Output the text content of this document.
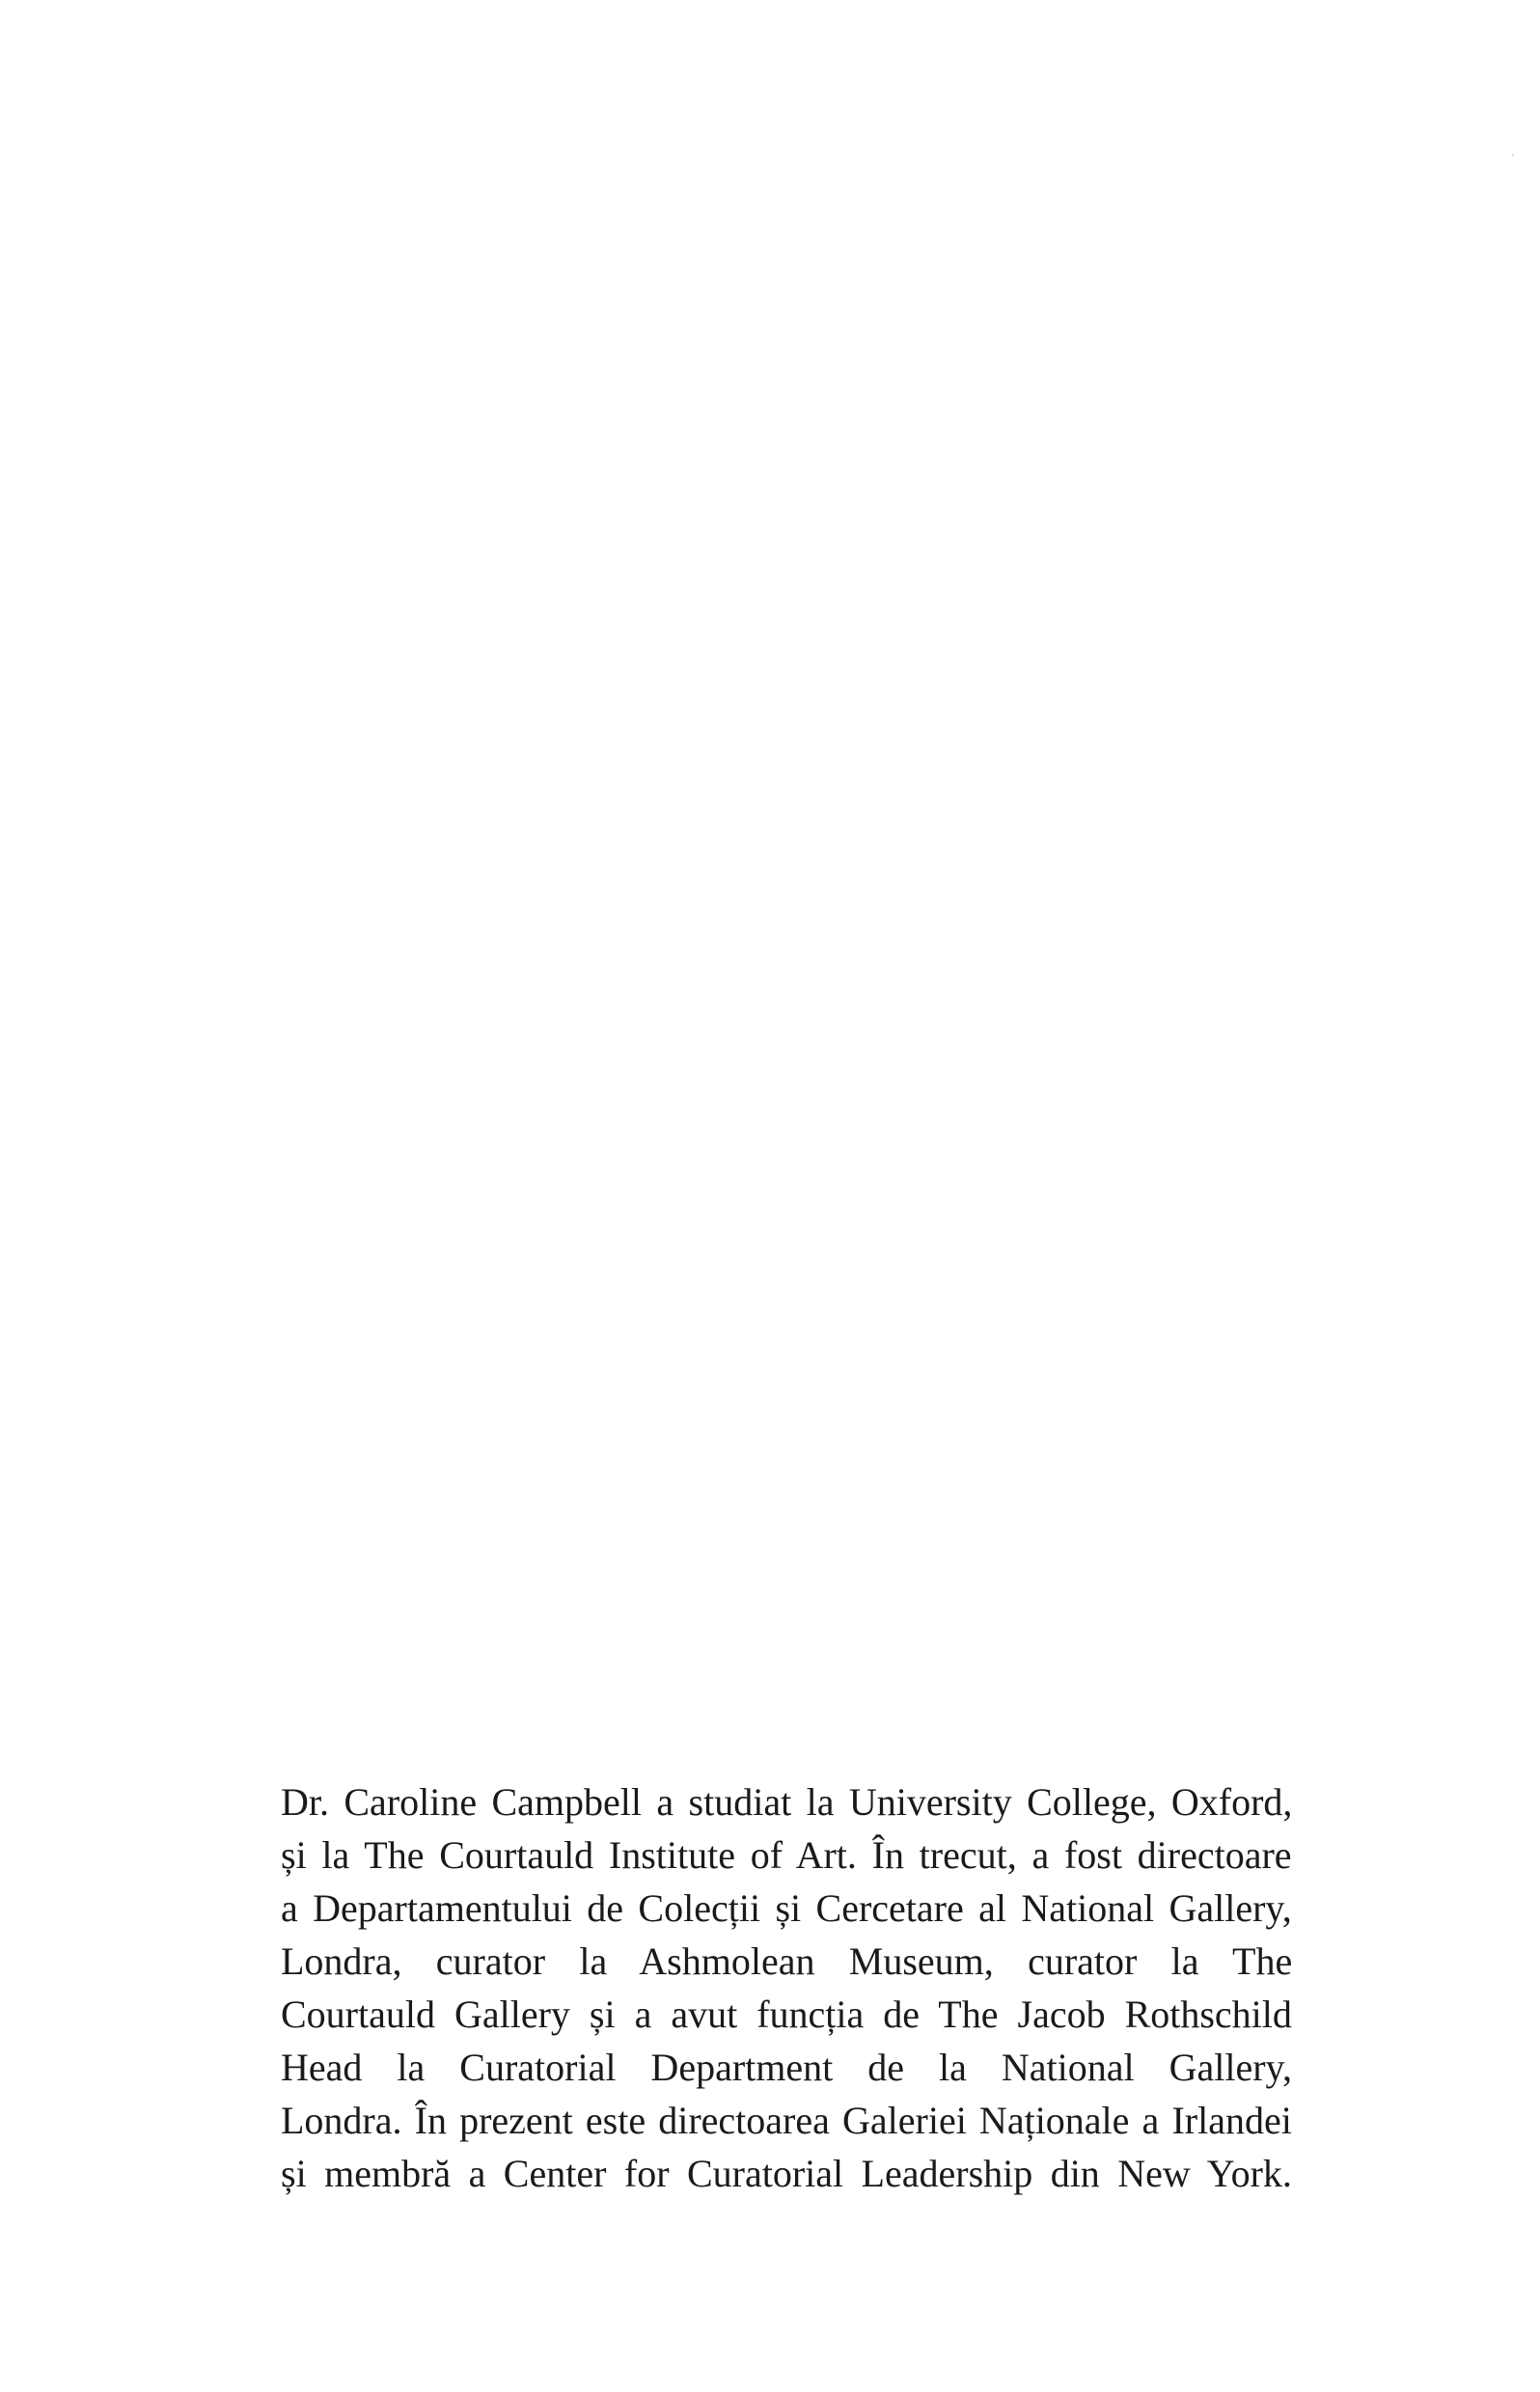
Dr. Caroline Campbell a studiat la University College, Oxford,
și la The Courtauld Institute of Art. În trecut, a fost directoare
a Departamentului de Colecții și Cercetare al National Gallery,
Londra, curator la Ashmolean Museum, curator la The
Courtauld Gallery și a avut funcția de The Jacob Rothschild
Head la Curatorial Department de la National Gallery,
Londra. În prezent este directoarea Galeriei Naționale a Irlandei
și membră a Center for Curatorial Leadership din New York.
